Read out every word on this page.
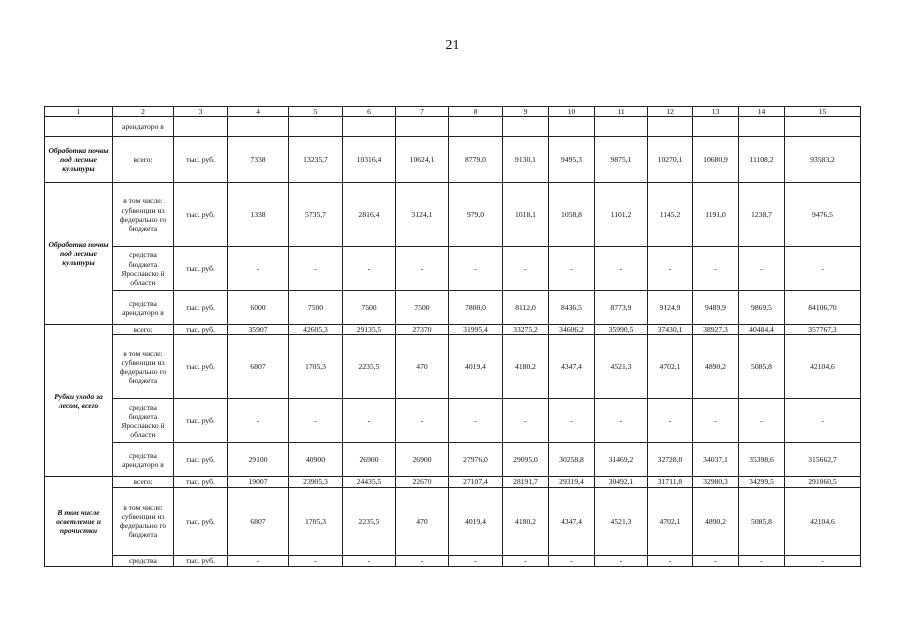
21
1	2	3	4	5	6	7	8	9	10	11	12	13	14	15
	арендаторо в													
Обработка почвы под лесные культуры	всего:	тыс. руб.	7338	13235,7	10316,4	10624,1	8779,0	9130,1	9495,3	9875,1	10270,1	10680,9	11108,2	93583,2
Обработка почвы под лесные культуры	в том числе: субвенции из федерально го бюджета	тыс. руб.	1338	5735,7	2816,4	3124,1	979,0	1018,1	1058,8	1101,2	1145,2	1191,0	1238,7	9476,5
	средства бюджета Ярославско й области	тыс. руб.	-	-	-	-	-	-	-	-	-	-	-	-
	средства арендаторо в	тыс. руб.	6000	7500	7500	7500	7800,0	8112,0	8436,5	8773,9	9124,9	9489,9	9869,5	84106,70
Рубки ухода за лесом, всего	всего:	тыс. руб.	35907	42605,3	29135,5	27370	31995,4	33275,2	34606,2	35990,5	37430,1	38927,3	40484,4	357767,3
	в том числе: субвенции из федерально го бюджета	тыс. руб.	6807	1705,3	2235,5	470	4019,4	4180,2	4347,4	4521,3	4702,1	4890,2	5085,8	42104,6
	средства бюджета Ярославско й области	тыс. руб.	-	-	-	-	-	-	-	-	-	-	-	-
	средства арендаторо в	тыс. руб.	29100	40900	26900	26900	27976,0	29095,0	30258,8	31469,2	32728,0	34037,1	35398,6	315662,7
В том числе осветление и прочистки	всего:	тыс. руб.	19007	23905,3	24435,5	22670	27107,4	28191,7	29319,4	30492,1	31711,8	32980,3	34299,5	291060,5
	в том числе: субвенции из федерально го бюджета	тыс. руб.	6807	1705,3	2235,5	470	4019,4	4180,2	4347,4	4521,3	4702,1	4890,2	5085,8	42104,6
	средства	тыс. руб.	-	-	-	-	-	-	-	-	-	-	-	-
